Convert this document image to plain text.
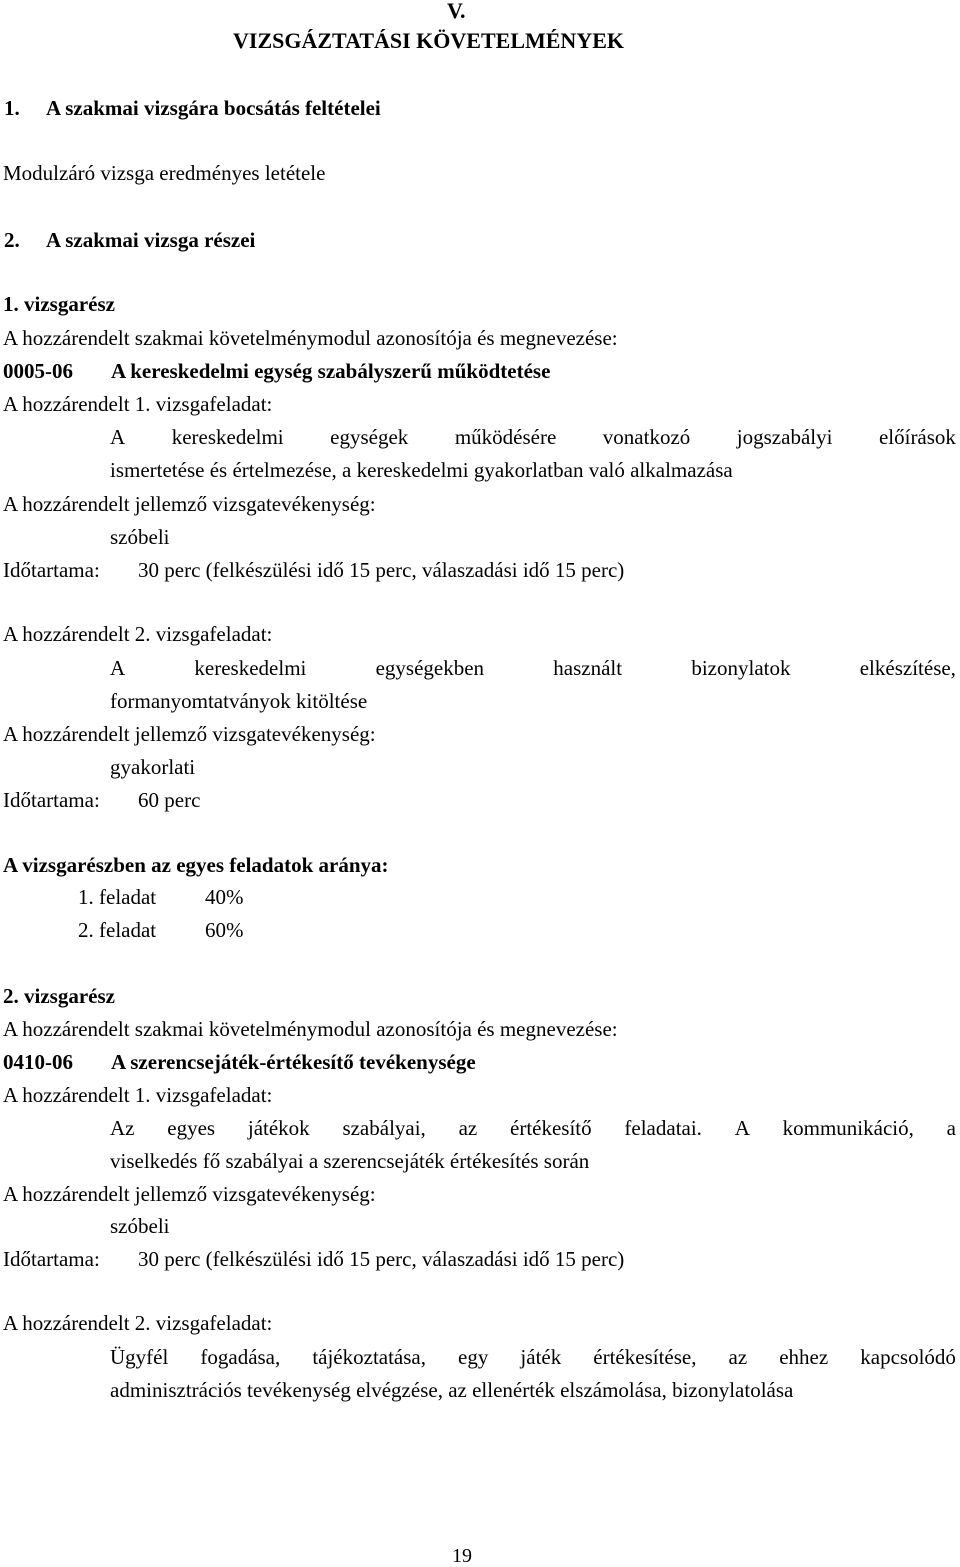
V.
VIZSGÁZTATÁSI KÖVETELMÉNYEK
1. A szakmai vizsgára bocsátás feltételei
Modulzáró vizsga eredményes letétele
2. A szakmai vizsga részei
1. vizsgarész
A hozzárendelt szakmai követelménymodul azonosítója és megnevezése:
0005-06 A kereskedelmi egység szabályszerű működtetése
A hozzárendelt 1. vizsgafeladat:
A kereskedelmi egységek működésére vonatkozó jogszabályi előírások
ismertetése és értelmezése, a kereskedelmi gyakorlatban való alkalmazása
A hozzárendelt jellemző vizsgatevékenység:
szóbeli
Időtartama: 30 perc (felkészülési idő 15 perc, válaszadási idő 15 perc)
A hozzárendelt 2. vizsgafeladat:
A	kereskedelmi	egységekben	használt	bizonylatok	elkészítése,
formanyomtatványok kitöltése
A hozzárendelt jellemző vizsgatevékenység:
gyakorlati
Időtartama: 60 perc
A vizsgarészben az egyes feladatok aránya:
1. feladat 40%
2. feladat 60%
2. vizsgarész
A hozzárendelt szakmai követelménymodul azonosítója és megnevezése:
0410-06 A szerencsejáték-értékesítő tevékenysége
A hozzárendelt 1. vizsgafeladat:
Az egyes játékok szabályai, az értékesítő feladatai. A kommunikáció, a
viselkedés fő szabályai a szerencsejáték értékesítés során
A hozzárendelt jellemző vizsgatevékenység:
szóbeli
Időtartama: 30 perc (felkészülési idő 15 perc, válaszadási idő 15 perc)
A hozzárendelt 2. vizsgafeladat:
Ügyfél fogadása, tájékoztatása, egy játék értékesítése, az ehhez kapcsolódó
adminisztrációs tevékenység elvégzése, az ellenérték elszámolása, bizonylatolása
19
